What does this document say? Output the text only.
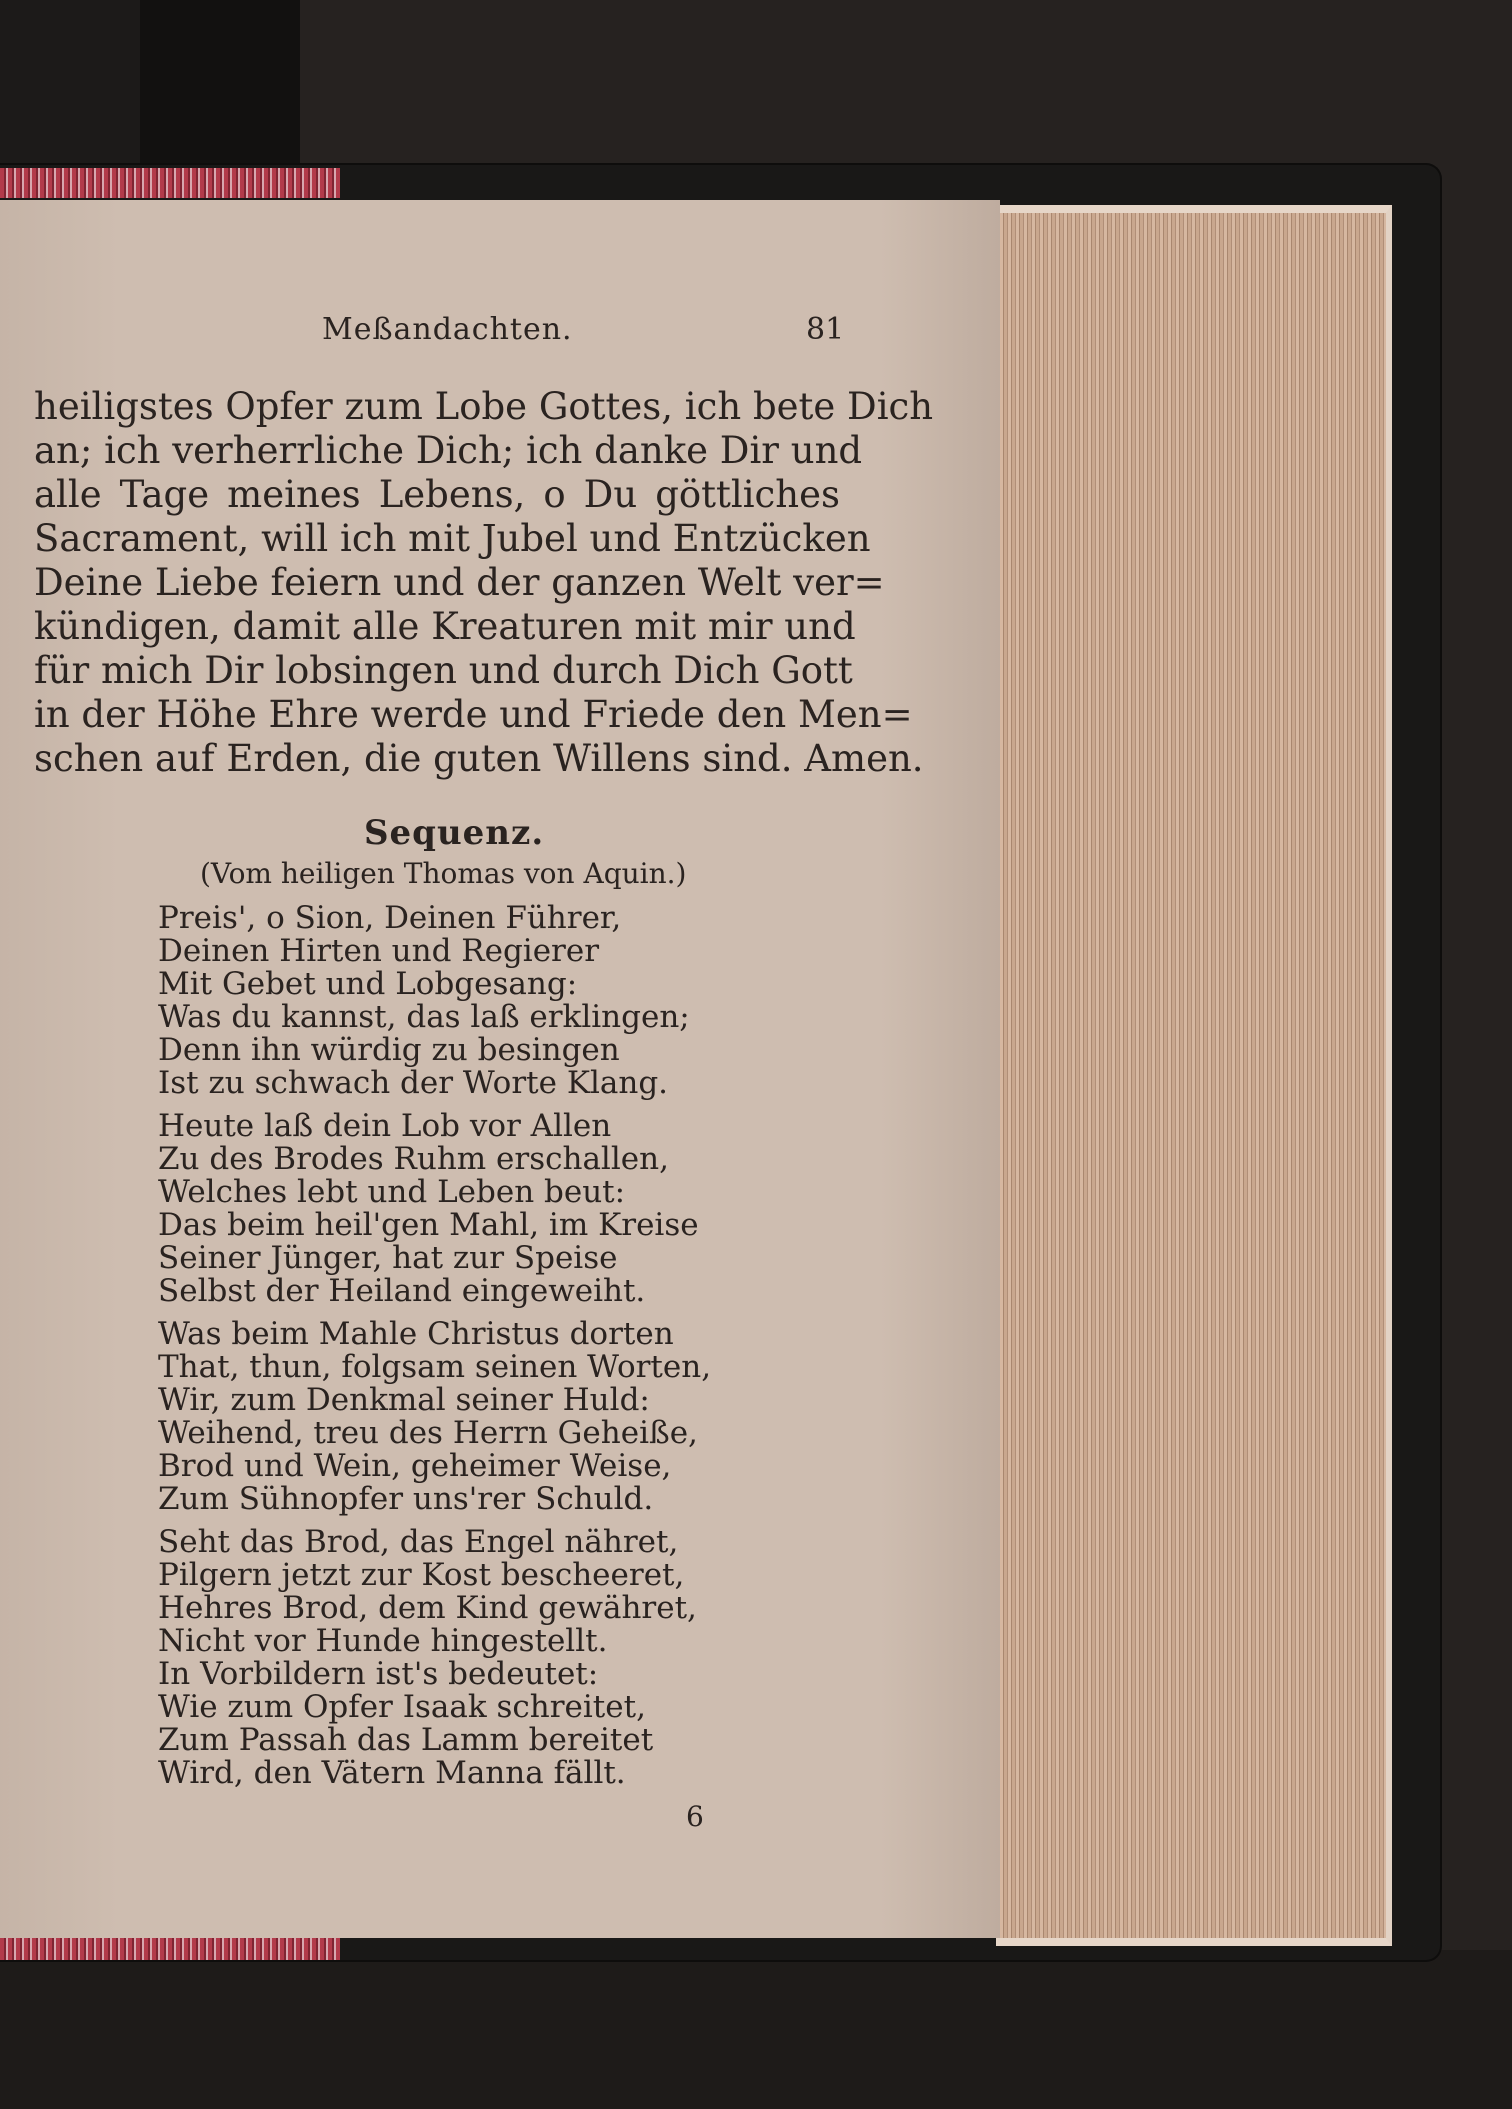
Meßandachten.	81
heiligstes Opfer zum Lobe Gottes, ich bete Dich
an; ich verherrliche Dich; ich danke Dir und
alle Tage meines Lebens, o Du göttliches
Sacrament, will ich mit Jubel und Entzücken
Deine Liebe feiern und der ganzen Welt ver=
kündigen, damit alle Kreaturen mit mir und
für mich Dir lobsingen und durch Dich Gott
in der Höhe Ehre werde und Friede den Men=
schen auf Erden, die guten Willens sind. Amen.
Sequenz.
(Vom heiligen Thomas von Aquin.)
Preis', o Sion, Deinen Führer,
Deinen Hirten und Regierer
Mit Gebet und Lobgesang:
Was du kannst, das laß erklingen;
Denn ihn würdig zu besingen
Ist zu schwach der Worte Klang.
Heute laß dein Lob vor Allen
Zu des Brodes Ruhm erschallen,
Welches lebt und Leben beut:
Das beim heil'gen Mahl, im Kreise
Seiner Jünger, hat zur Speise
Selbst der Heiland eingeweiht.
Was beim Mahle Christus dorten
That, thun, folgsam seinen Worten,
Wir, zum Denkmal seiner Huld:
Weihend, treu des Herrn Geheiße,
Brod und Wein, geheimer Weise,
Zum Sühnopfer uns'rer Schuld.
Seht das Brod, das Engel nähret,
Pilgern jetzt zur Kost bescheeret,
Hehres Brod, dem Kind gewähret,
Nicht vor Hunde hingestellt.
In Vorbildern ist's bedeutet:
Wie zum Opfer Isaak schreitet,
Zum Passah das Lamm bereitet
Wird, den Vätern Manna fällt.
6
